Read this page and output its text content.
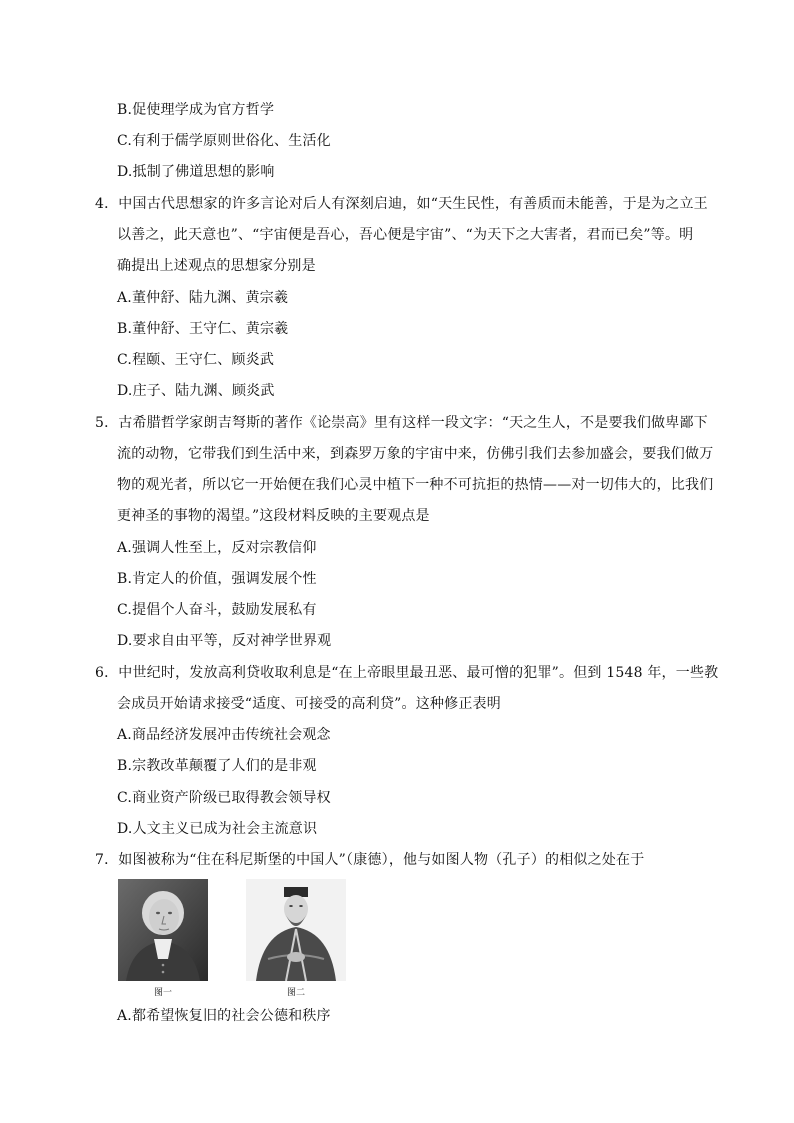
B.促使理学成为官方哲学
C.有利于儒学原则世俗化、生活化
D.抵制了佛道思想的影响
4．中国古代思想家的许多言论对后人有深刻启迪，如“天生民性，有善质而未能善，于是为之立王
以善之，此天意也”、“宇宙便是吾心，吾心便是宇宙”、“为天下之大害者，君而已矣”等。明
确提出上述观点的思想家分别是
A.董仲舒、陆九渊、黄宗羲
B.董仲舒、王守仁、黄宗羲
C.程颐、王守仁、顾炎武
D.庄子、陆九渊、顾炎武
5．古希腊哲学家朗吉弩斯的著作《论崇高》里有这样一段文字：“天之生人，不是要我们做卑鄙下
流的动物，它带我们到生活中来，到森罗万象的宇宙中来，仿佛引我们去参加盛会，要我们做万
物的观光者，所以它一开始便在我们心灵中植下一种不可抗拒的热情——对一切伟大的，比我们
更神圣的事物的渴望。”这段材料反映的主要观点是
A.强调人性至上，反对宗教信仰
B.肯定人的价值，强调发展个性
C.提倡个人奋斗，鼓励发展私有
D.要求自由平等，反对神学世界观
6．中世纪时，发放高利贷收取利息是“在上帝眼里最丑恶、最可憎的犯罪”。但到 1548 年，一些教
会成员开始请求接受“适度、可接受的高利贷”。这种修正表明
A.商品经济发展冲击传统社会观念
B.宗教改革颠覆了人们的是非观
C.商业资产阶级已取得教会领导权
D.人文主义已成为社会主流意识
7．如图被称为“住在科尼斯堡的中国人”（康德），他与如图人物（孔子）的相似之处在于
图一	图二
A.都希望恢复旧的社会公德和秩序
